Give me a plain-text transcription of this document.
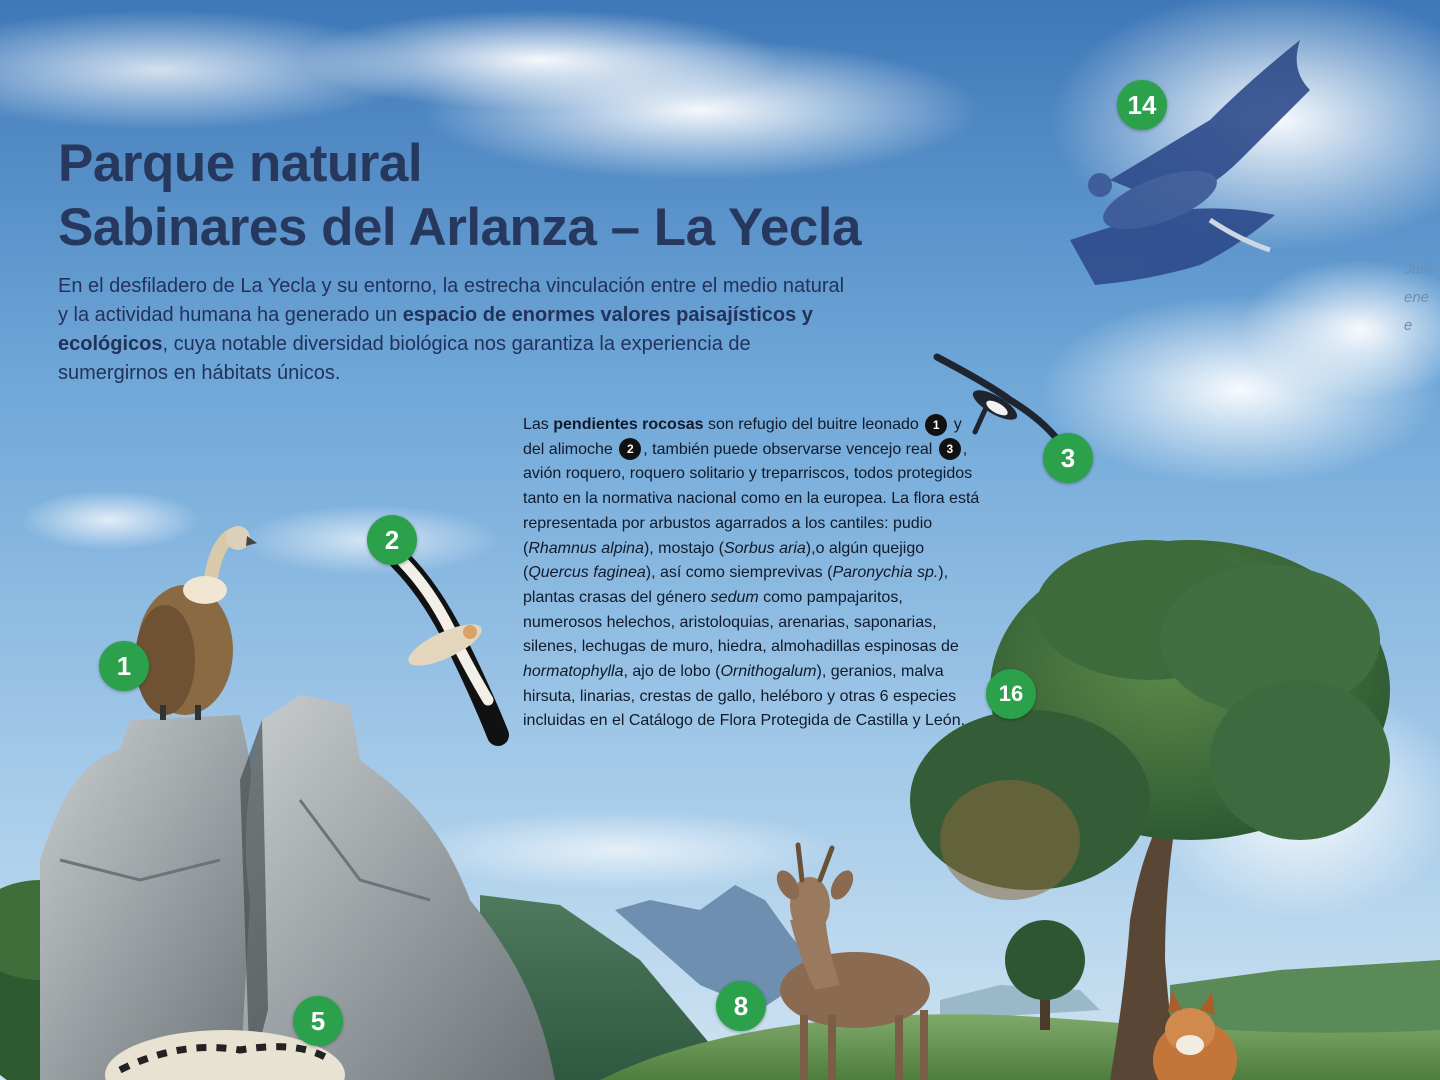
Parque natural
Sabinares del Arlanza – La Yecla

En el desfiladero de La Yecla y su entorno, la estrecha vinculación entre el medio natural y la actividad humana ha generado un espacio de enormes valores paisajísticos y ecológicos, cuya notable diversidad biológica nos garantiza la experiencia de sumergirnos en hábitats únicos.

Las pendientes rocosas son refugio del buitre leonado 1 y del alimoche 2 , también puede observarse vencejo real 3 , avión roquero, roquero solitario y treparriscos, todos protegidos tanto en la normativa nacional como en la europea. La flora está representada por arbustos agarrados a los cantiles: pudio (Rhamnus alpina), mostajo (Sorbus aria),o algún quejigo (Quercus faginea), así como siemprevivas (Paronychia sp.), plantas crasas del género sedum como pampajaritos, numerosos helechos, aristoloquias, arenarias, saponarias, silenes, lechugas de muro, hiedra, almohadillas espinosas de hormatophylla, ajo de lobo (Ornithogalum), geranios, malva hirsuta, linarias, crestas de gallo, heléboro y otras 6 especies incluidas en el Catálogo de Flora Protegida de Castilla y León.

14
3
2
1
16
8
5
Juni
ene
e
